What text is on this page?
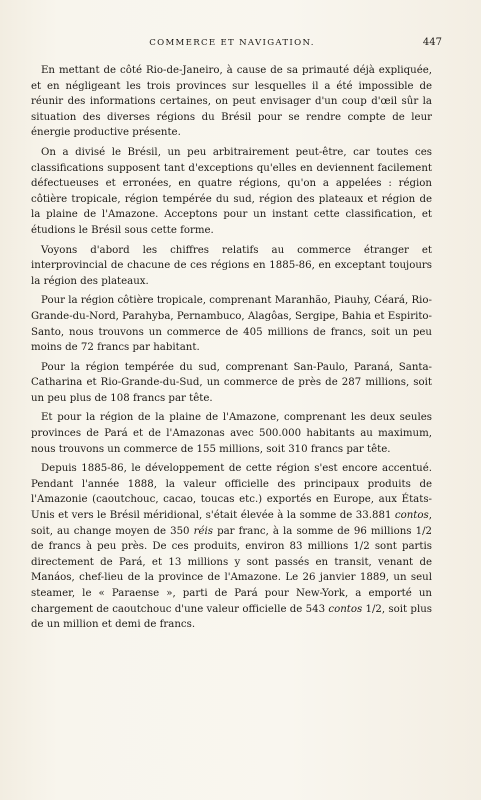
COMMERCE ET NAVIGATION.	447

En mettant de côté Rio-de-Janeiro, à cause de sa primauté déjà expliquée, et en négligeant les trois provinces sur lesquelles il a été impossible de réunir des informations certaines, on peut envisager d'un coup d'œil sûr la situation des diverses régions du Brésil pour se rendre compte de leur énergie productive présente.

On a divisé le Brésil, un peu arbitrairement peut-être, car toutes ces classifications supposent tant d'exceptions qu'elles en deviennent facilement défectueuses et erronées, en quatre régions, qu'on a appelées : région côtière tropicale, région tempérée du sud, région des plateaux et région de la plaine de l'Amazone. Acceptons pour un instant cette classification, et étudions le Brésil sous cette forme.

Voyons d'abord les chiffres relatifs au commerce étranger et interprovincial de chacune de ces régions en 1885-86, en exceptant toujours la région des plateaux.

Pour la région côtière tropicale, comprenant Maranhão, Piauhy, Céará, Rio-Grande-du-Nord, Parahyba, Pernambuco, Alagôas, Sergipe, Bahia et Espirito-Santo, nous trouvons un commerce de 405 millions de francs, soit un peu moins de 72 francs par habitant.

Pour la région tempérée du sud, comprenant San-Paulo, Paraná, Santa-Catharina et Rio-Grande-du-Sud, un commerce de près de 287 millions, soit un peu plus de 108 francs par tête.

Et pour la région de la plaine de l'Amazone, comprenant les deux seules provinces de Pará et de l'Amazonas avec 500.000 habitants au maximum, nous trouvons un commerce de 155 millions, soit 310 francs par tête.

Depuis 1885-86, le développement de cette région s'est encore accentué. Pendant l'année 1888, la valeur officielle des principaux produits de l'Amazonie (caoutchouc, cacao, toucas etc.) exportés en Europe, aux États-Unis et vers le Brésil méridional, s'était élevée à la somme de 33.881 contos, soit, au change moyen de 350 réis par franc, à la somme de 96 millions 1/2 de francs à peu près. De ces produits, environ 83 millions 1/2 sont partis directement de Pará, et 13 millions y sont passés en transit, venant de Manáos, chef-lieu de la province de l'Amazone. Le 26 janvier 1889, un seul steamer, le « Paraense », parti de Pará pour New-York, a emporté un chargement de caoutchouc d'une valeur officielle de 543 contos 1/2, soit plus de un million et demi de francs.
